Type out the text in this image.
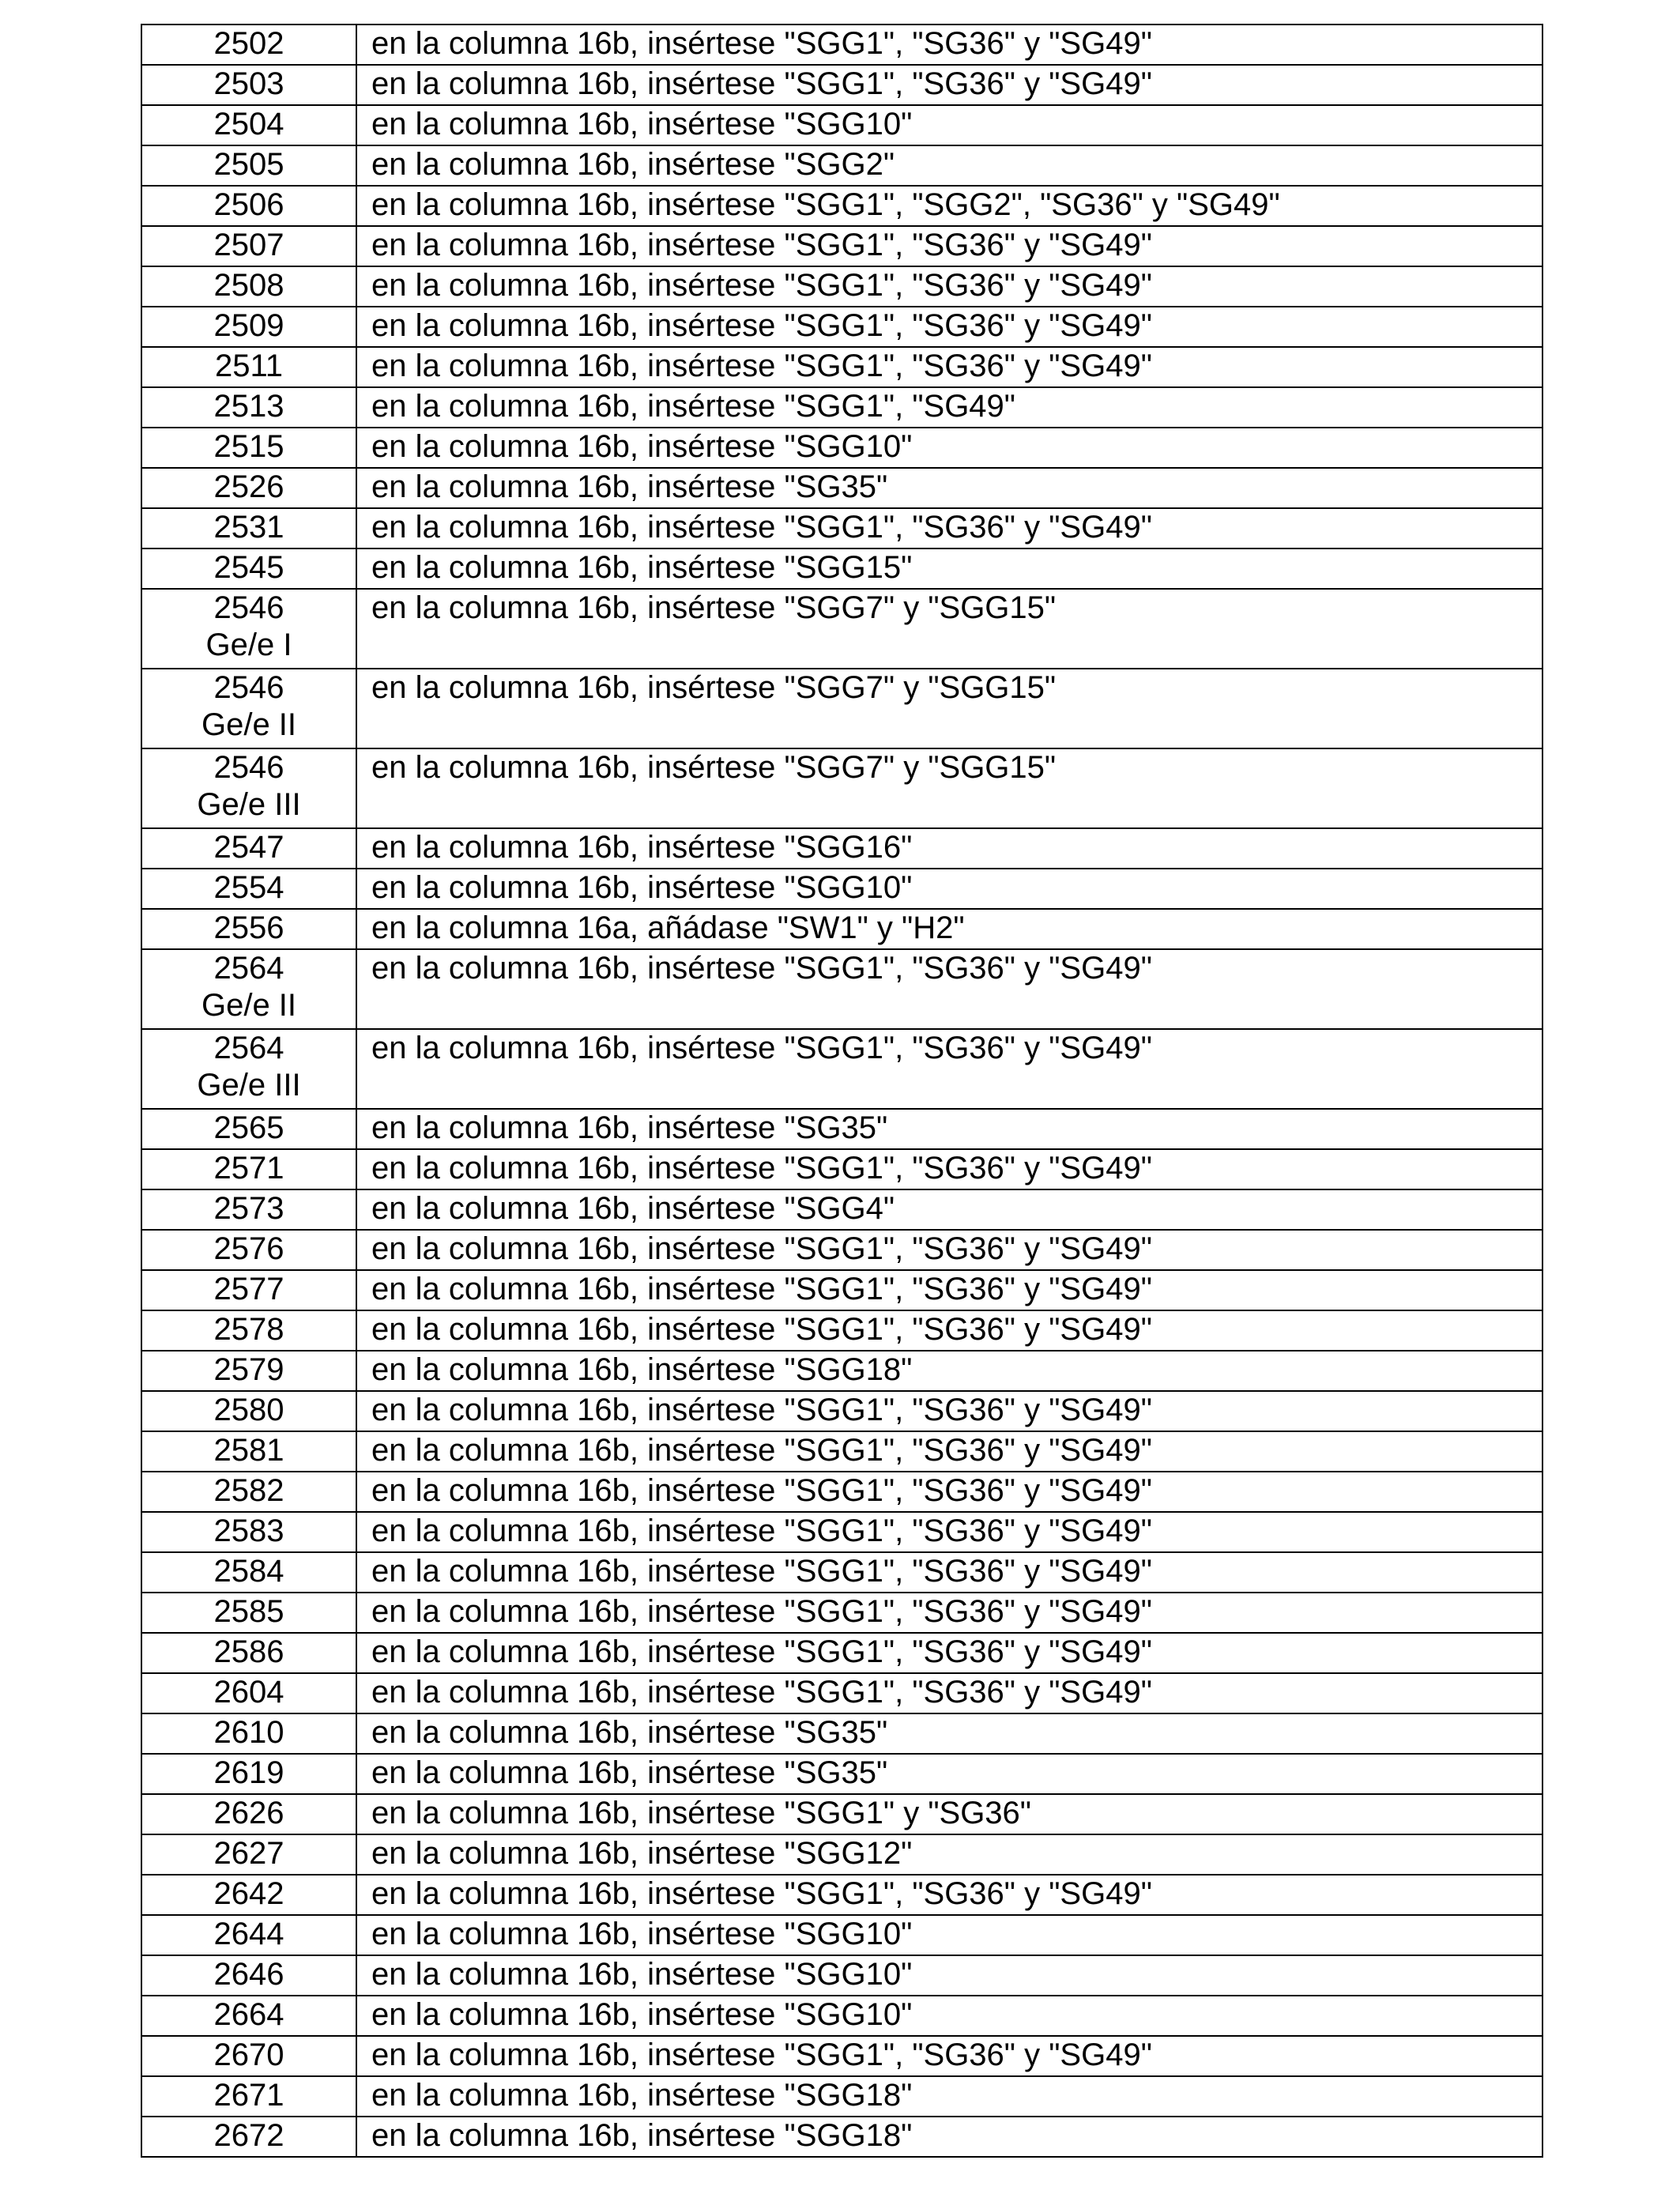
2502	en la columna 16b, insértese "SGG1", "SG36" y "SG49"

2503	en la columna 16b, insértese "SGG1", "SG36" y "SG49"

2504	en la columna 16b, insértese "SGG10"

2505	en la columna 16b, insértese "SGG2"

2506	en la columna 16b, insértese "SGG1", "SGG2", "SG36" y "SG49"

2507	en la columna 16b, insértese "SGG1", "SG36" y "SG49"

2508	en la columna 16b, insértese "SGG1", "SG36" y "SG49"

2509	en la columna 16b, insértese "SGG1", "SG36" y "SG49"

2511	en la columna 16b, insértese "SGG1", "SG36" y "SG49"

2513	en la columna 16b, insértese "SGG1", "SG49"

2515	en la columna 16b, insértese "SGG10"

2526	en la columna 16b, insértese "SG35"

2531	en la columna 16b, insértese "SGG1", "SG36" y "SG49"

2545	en la columna 16b, insértese "SGG15"

2546
Ge/e I	en la columna 16b, insértese "SGG7" y "SGG15"

2546
Ge/e II	en la columna 16b, insértese "SGG7" y "SGG15"

2546
Ge/e III	en la columna 16b, insértese "SGG7" y "SGG15"

2547	en la columna 16b, insértese "SGG16"

2554	en la columna 16b, insértese "SGG10"

2556	en la columna 16a, añádase "SW1" y "H2"

2564
Ge/e II	en la columna 16b, insértese "SGG1", "SG36" y "SG49"

2564
Ge/e III	en la columna 16b, insértese "SGG1", "SG36" y "SG49"

2565	en la columna 16b, insértese "SG35"

2571	en la columna 16b, insértese "SGG1", "SG36" y "SG49"

2573	en la columna 16b, insértese "SGG4"

2576	en la columna 16b, insértese "SGG1", "SG36" y "SG49"

2577	en la columna 16b, insértese "SGG1", "SG36" y "SG49"

2578	en la columna 16b, insértese "SGG1", "SG36" y "SG49"

2579	en la columna 16b, insértese "SGG18"

2580	en la columna 16b, insértese "SGG1", "SG36" y "SG49"

2581	en la columna 16b, insértese "SGG1", "SG36" y "SG49"

2582	en la columna 16b, insértese "SGG1", "SG36" y "SG49"

2583	en la columna 16b, insértese "SGG1", "SG36" y "SG49"

2584	en la columna 16b, insértese "SGG1", "SG36" y "SG49"

2585	en la columna 16b, insértese "SGG1", "SG36" y "SG49"

2586	en la columna 16b, insértese "SGG1", "SG36" y "SG49"

2604	en la columna 16b, insértese "SGG1", "SG36" y "SG49"

2610	en la columna 16b, insértese "SG35"

2619	en la columna 16b, insértese "SG35"

2626	en la columna 16b, insértese "SGG1" y "SG36"

2627	en la columna 16b, insértese "SGG12"

2642	en la columna 16b, insértese "SGG1", "SG36" y "SG49"

2644	en la columna 16b, insértese "SGG10"

2646	en la columna 16b, insértese "SGG10"

2664	en la columna 16b, insértese "SGG10"

2670	en la columna 16b, insértese "SGG1", "SG36" y "SG49"

2671	en la columna 16b, insértese "SGG18"

2672	en la columna 16b, insértese "SGG18"
